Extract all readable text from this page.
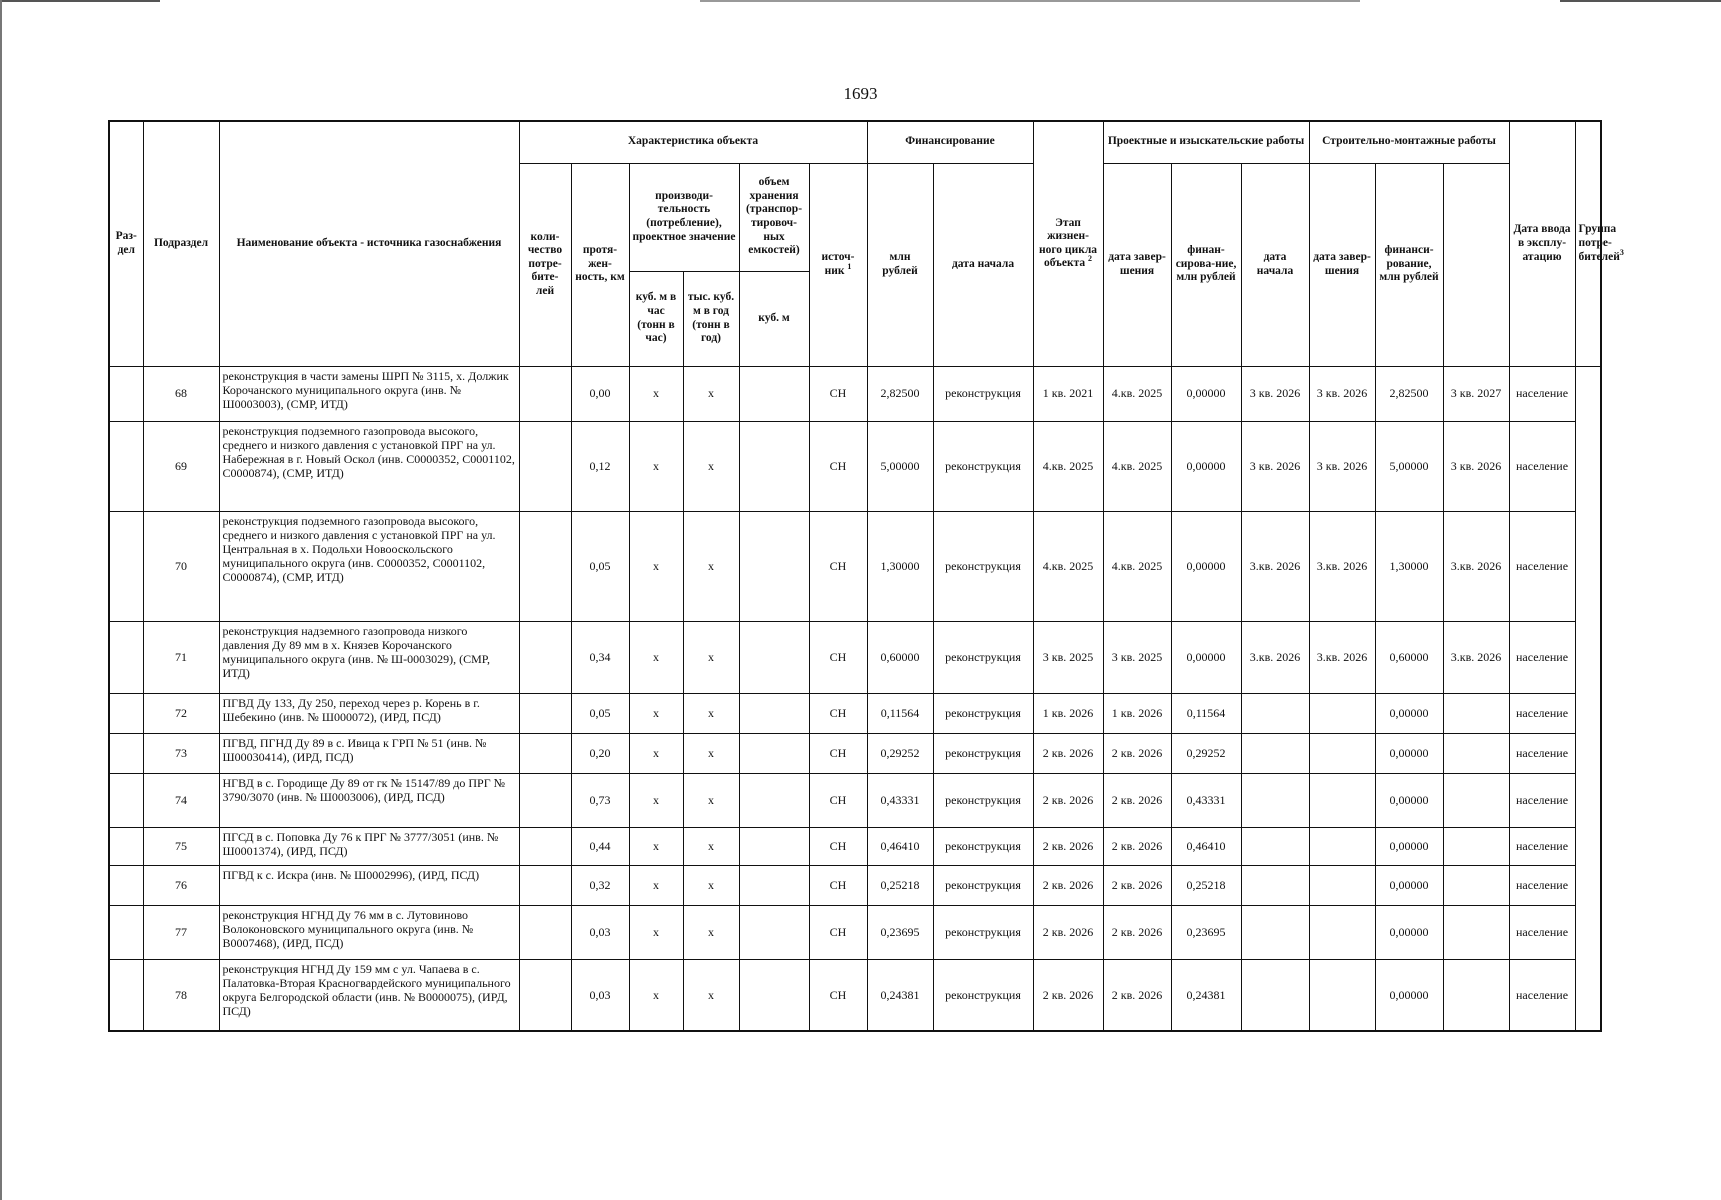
1693
Раз-дел	Подраздел	Наименование объекта - источника газоснабжения	Характеристика объекта						Финансирование		Этап жизнен-ного цикла объекта $^2$	Проектные и изыскательские работы			Строительно-монтажные работы			Дата ввода в эксплу-атацию	Группа потре-бителей$^3$
			коли-чество потре-бите-лей	протя-жен-ность, км	производи-тельность (потребление), проектное значение		объем хранения (транспор-тировоч-ных емкостей)	источ-ник $^1$	млн рублей	дата начала		дата завер-шения	финан-сирова-ние, млн рублей	дата начала	дата завер-шения	финанси-рование, млн рублей			
					куб. м в час (тонн в час)	тыс. куб. м в год (тонн в год)	куб. м												
	68	реконструкция в части замены ШРП № 3115, х. Должик Корочанского муниципального округа (инв. № Ш0003003), (СМР, ИТД)		0,00	х	х		СН	2,82500	реконструкция	1 кв. 2021	4.кв. 2025	0,00000	3 кв. 2026	3 кв. 2026	2,82500	3 кв. 2027	население	
	69	реконструкция подземного газопровода высокого, среднего и низкого давления с установкой ПРГ на ул. Набережная в г. Новый Оскол (инв. С0000352, С0001102, С0000874), (СМР, ИТД)		0,12	х	х		СН	5,00000	реконструкция	4.кв. 2025	4.кв. 2025	0,00000	3 кв. 2026	3 кв. 2026	5,00000	3 кв. 2026	население	
	70	реконструкция подземного газопровода высокого, среднего и низкого давления с установкой ПРГ на ул. Центральная в х. Подольхи Новооскольского муниципального округа (инв. С0000352, С0001102, С0000874), (СМР, ИТД)		0,05	х	х		СН	1,30000	реконструкция	4.кв. 2025	4.кв. 2025	0,00000	3.кв. 2026	3.кв. 2026	1,30000	3.кв. 2026	население	
	71	реконструкция надземного газопровода низкого давления Ду 89 мм в х. Князев Корочанского муниципального округа (инв. № Ш-0003029), (СМР, ИТД)		0,34	х	х		СН	0,60000	реконструкция	3 кв. 2025	3 кв. 2025	0,00000	3.кв. 2026	3.кв. 2026	0,60000	3.кв. 2026	население	
	72	ПГВД Ду 133, Ду 250, переход через р. Корень в г. Шебекино (инв. № Ш000072), (ИРД, ПСД)		0,05	х	х		СН	0,11564	реконструкция	1 кв. 2026	1 кв. 2026	0,11564			0,00000		население	
	73	ПГВД, ПГНД Ду 89 в с. Ивица к ГРП № 51 (инв. № Ш00030414), (ИРД, ПСД)		0,20	х	х		СН	0,29252	реконструкция	2 кв. 2026	2 кв. 2026	0,29252			0,00000		население	
	74	НГВД в с. Городище Ду 89 от гк № 15147/89 до ПРГ № 3790/3070 (инв. № Ш0003006), (ИРД, ПСД)		0,73	х	х		СН	0,43331	реконструкция	2 кв. 2026	2 кв. 2026	0,43331			0,00000		население	
	75	ПГСД в с. Поповка Ду 76 к ПРГ № 3777/3051 (инв. № Ш0001374), (ИРД, ПСД)		0,44	х	х		СН	0,46410	реконструкция	2 кв. 2026	2 кв. 2026	0,46410			0,00000		население	
	76	ПГВД к с. Искра (инв. № Ш0002996), (ИРД, ПСД)		0,32	х	х		СН	0,25218	реконструкция	2 кв. 2026	2 кв. 2026	0,25218			0,00000		население	
	77	реконструкция НГНД Ду 76 мм в с. Лутовиново Волоконовского муниципального округа (инв. № В0007468), (ИРД, ПСД)		0,03	х	х		СН	0,23695	реконструкция	2 кв. 2026	2 кв. 2026	0,23695			0,00000		население	
	78	реконструкция НГНД Ду 159 мм с ул. Чапаева в с. Палатовка-Вторая Красногвардейского муниципального округа Белгородской области (инв. № В0000075), (ИРД, ПСД)		0,03	х	х		СН	0,24381	реконструкция	2 кв. 2026	2 кв. 2026	0,24381			0,00000		население	
